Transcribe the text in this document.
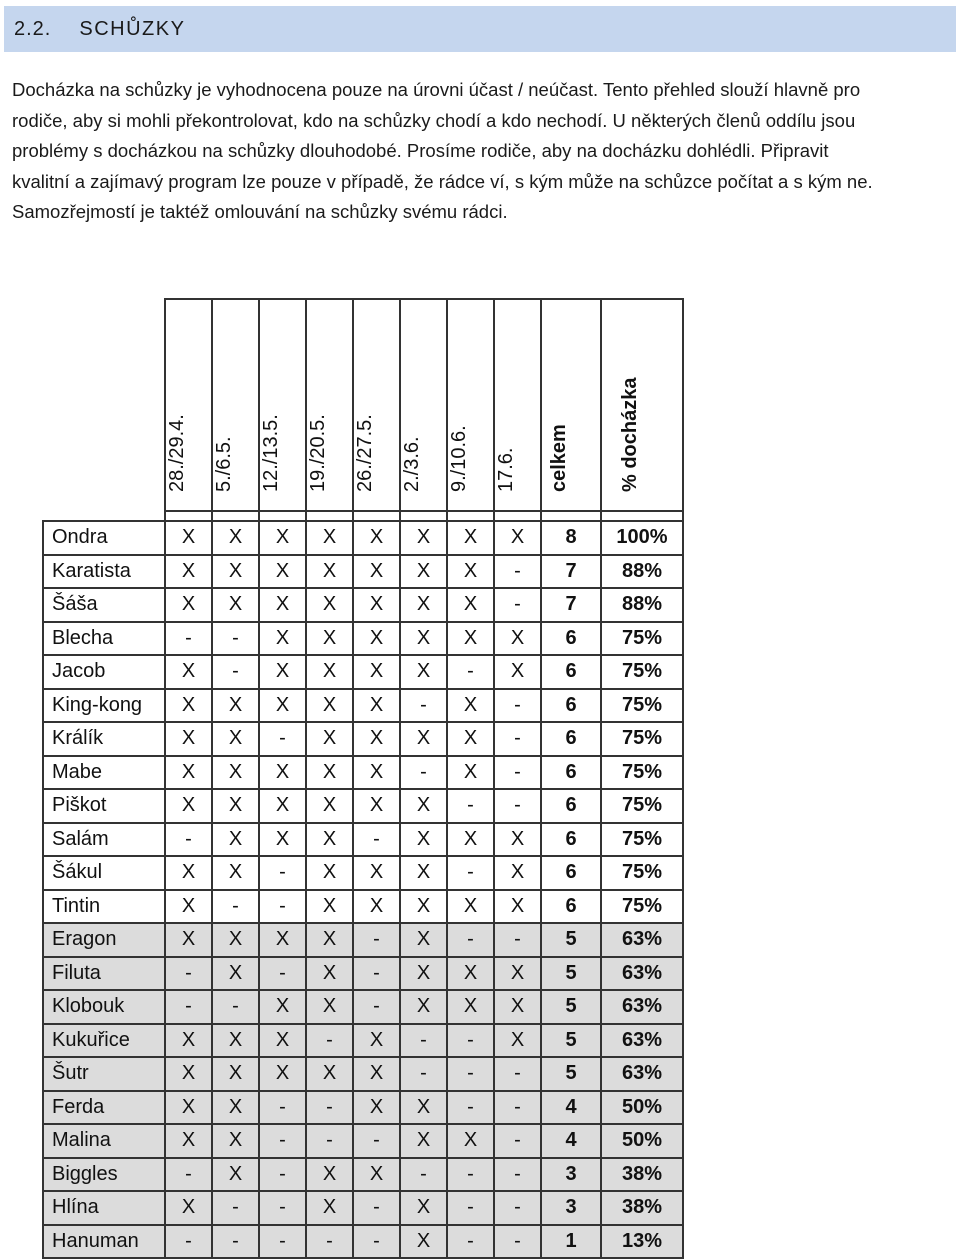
2.2. SCHŮZKY
Docházka na schůzky je vyhodnocena pouze na úrovni účast / neúčast. Tento přehled slouží hlavně pro
rodiče, aby si mohli překontrolovat, kdo na schůzky chodí a kdo nechodí. U některých členů oddílu jsou
problémy s docházkou na schůzky dlouhodobé. Prosíme rodiče, aby na docházku dohlédli. Připravit
kvalitní a zajímavý program lze pouze v případě, že rádce ví, s kým může na schůzce počítat a s kým ne.
Samozřejmostí je taktéž omlouvání na schůzky svému rádci.

	28./29.4.	5./6.5.	12./13.5.	19./20.5.	26./27.5.	2./3.6.	9./10.6.	17.6.	celkem	% docházka

Ondra	X	X	X	X	X	X	X	X	8	100%
Karatista	X	X	X	X	X	X	X	-	7	88%
Šáša	X	X	X	X	X	X	X	-	7	88%
Blecha	-	-	X	X	X	X	X	X	6	75%
Jacob	X	-	X	X	X	X	-	X	6	75%
King-kong	X	X	X	X	X	-	X	-	6	75%
Králík	X	X	-	X	X	X	X	-	6	75%
Mabe	X	X	X	X	X	-	X	-	6	75%
Piškot	X	X	X	X	X	X	-	-	6	75%
Salám	-	X	X	X	-	X	X	X	6	75%
Šákul	X	X	-	X	X	X	-	X	6	75%
Tintin	X	-	-	X	X	X	X	X	6	75%
Eragon	X	X	X	X	-	X	-	-	5	63%
Filuta	-	X	-	X	-	X	X	X	5	63%
Klobouk	-	-	X	X	-	X	X	X	5	63%
Kukuřice	X	X	X	-	X	-	-	X	5	63%
Šutr	X	X	X	X	X	-	-	-	5	63%
Ferda	X	X	-	-	X	X	-	-	4	50%
Malina	X	X	-	-	-	X	X	-	4	50%
Biggles	-	X	-	X	X	-	-	-	3	38%
Hlína	X	-	-	X	-	X	-	-	3	38%
Hanuman	-	-	-	-	-	X	-	-	1	13%
